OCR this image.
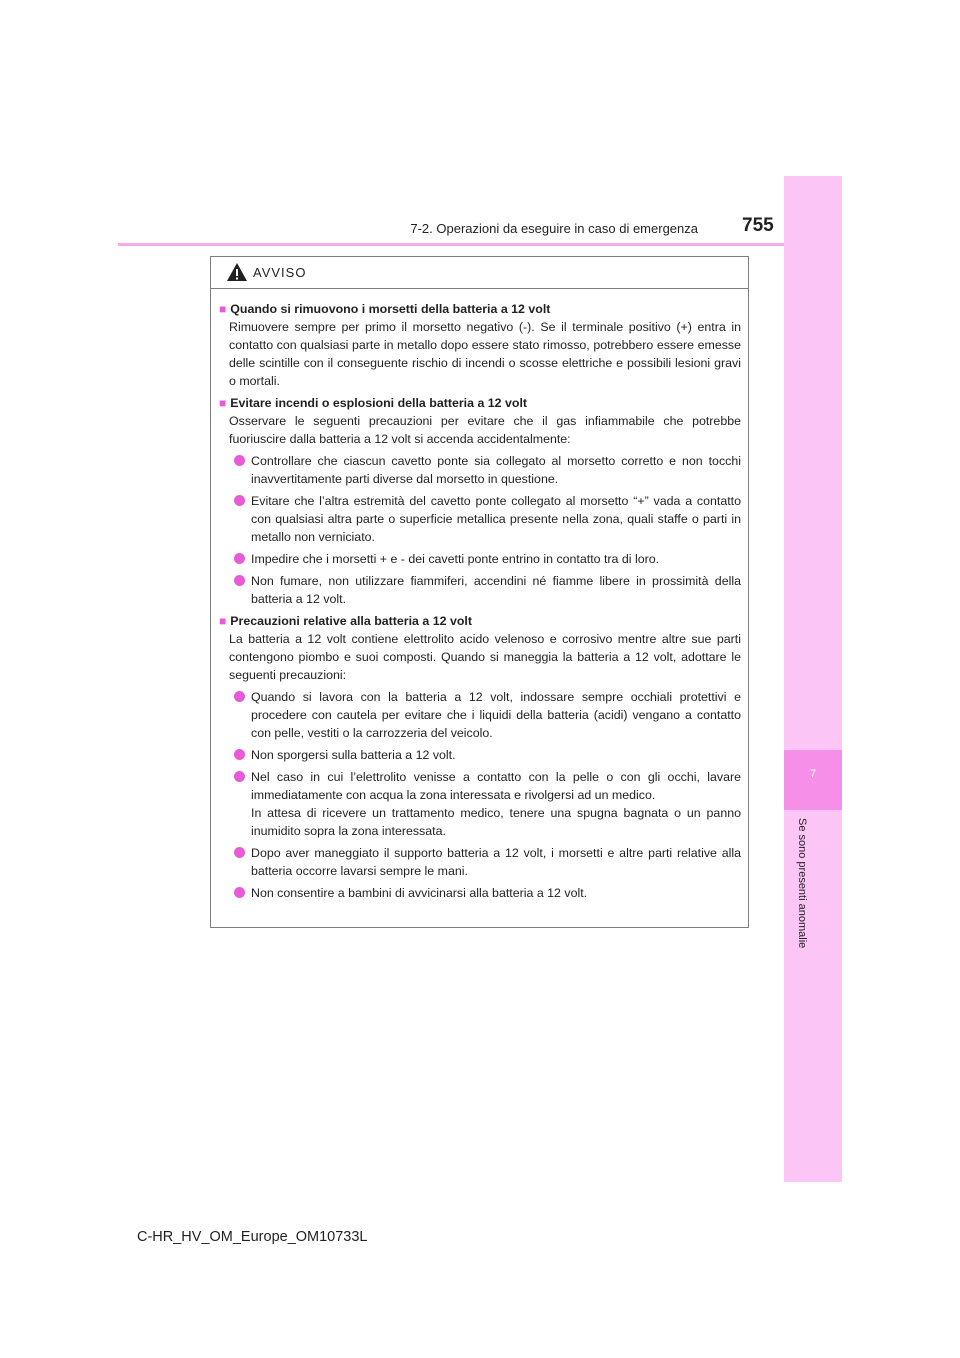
7
Se sono presenti anomalie
7-2. Operazioni da eseguire in caso di emergenza 755
AVVISO
■ Quando si rimuovono i morsetti della batteria a 12 volt
Rimuovere sempre per primo il morsetto negativo (-). Se il terminale positivo (+) entra in contatto con qualsiasi parte in metallo dopo essere stato rimosso, potrebbero essere emesse delle scintille con il conseguente rischio di incendi o scosse elettriche e possibili lesioni gravi o mortali.
■ Evitare incendi o esplosioni della batteria a 12 volt
Osservare le seguenti precauzioni per evitare che il gas infiammabile che potrebbe fuoriuscire dalla batteria a 12 volt si accenda accidentalmente:
Controllare che ciascun cavetto ponte sia collegato al morsetto corretto e non tocchi inavvertitamente parti diverse dal morsetto in questione.
Evitare che l’altra estremità del cavetto ponte collegato al morsetto “+” vada a contatto con qualsiasi altra parte o superficie metallica presente nella zona, quali staffe o parti in metallo non verniciato.
Impedire che i morsetti + e - dei cavetti ponte entrino in contatto tra di loro.
Non fumare, non utilizzare fiammiferi, accendini né fiamme libere in prossimità della batteria a 12 volt.
■ Precauzioni relative alla batteria a 12 volt
La batteria a 12 volt contiene elettrolito acido velenoso e corrosivo mentre altre sue parti contengono piombo e suoi composti. Quando si maneggia la batteria a 12 volt, adottare le seguenti precauzioni:
Quando si lavora con la batteria a 12 volt, indossare sempre occhiali protettivi e procedere con cautela per evitare che i liquidi della batteria (acidi) vengano a contatto con pelle, vestiti o la carrozzeria del veicolo.
Non sporgersi sulla batteria a 12 volt.
Nel caso in cui l’elettrolito venisse a contatto con la pelle o con gli occhi, lavare immediatamente con acqua la zona interessata e rivolgersi ad un medico.
In attesa di ricevere un trattamento medico, tenere una spugna bagnata o un panno inumidito sopra la zona interessata.
Dopo aver maneggiato il supporto batteria a 12 volt, i morsetti e altre parti relative alla batteria occorre lavarsi sempre le mani.
Non consentire a bambini di avvicinarsi alla batteria a 12 volt.
C-HR_HV_OM_Europe_OM10733L
